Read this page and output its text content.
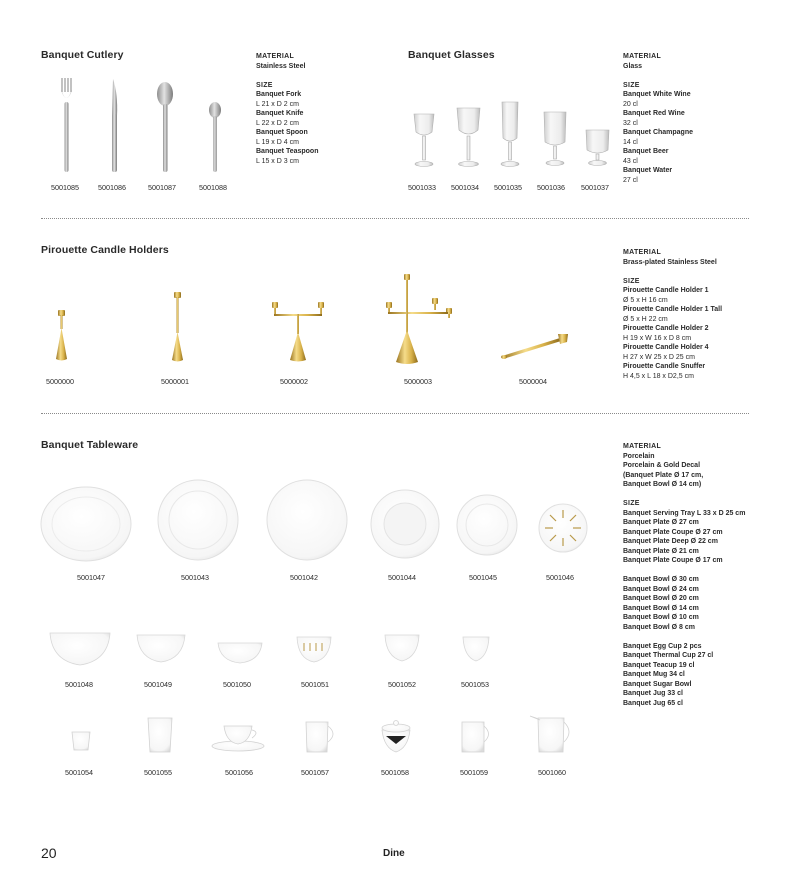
Banquet Cutlery	MATERIAL
Stainless Steel
SIZE
Banquet Fork
L 21 x D 2 cm
Banquet Knife
L 22 x D 2 cm
Banquet Spoon
L 19 x D 4 cm
Banquet Teaspoon
L 15 x D 3 cm
5001085	5001086	5001087	5001088
Banquet Glasses	MATERIAL
Glass
SIZE
Banquet White Wine
20 cl
Banquet Red Wine
32 cl
Banquet Champagne
14 cl
Banquet Beer
43 cl
Banquet Water
27 cl
5001033 5001034 5001035 5001036 5001037
Pirouette Candle Holders	MATERIAL
Brass-plated Stainless Steel
SIZE
Pirouette Candle Holder 1
Ø 5 x H 16 cm
Pirouette Candle Holder 1 Tall
Ø 5 x H 22 cm
Pirouette Candle Holder 2
H 19 x W 16 x D 8 cm
Pirouette Candle Holder 4
H 27 x W 25 x D 25 cm
Pirouette Candle Snuffer
H 4,5 x L 18 x D2,5 cm
5000000	5000001	5000002	5000003	5000004
Banquet Tableware	MATERIAL
Porcelain
Porcelain & Gold Decal
(Banquet Plate Ø 17 cm,
Banquet Bowl Ø 14 cm)
SIZE
Banquet Serving Tray L 33 x D 25 cm
Banquet Plate Ø 27 cm
Banquet Plate Coupe Ø 27 cm
Banquet Plate Deep Ø 22 cm
Banquet Plate Ø 21 cm
Banquet Plate Coupe Ø 17 cm
Banquet Bowl Ø 30 cm
Banquet Bowl Ø 24 cm
Banquet Bowl Ø 20 cm
Banquet Bowl Ø 14 cm
Banquet Bowl Ø 10 cm
Banquet Bowl Ø 8 cm
Banquet Egg Cup 2 pcs
Banquet Thermal Cup 27 cl
Banquet Teacup 19 cl
Banquet Mug 34 cl
Banquet Sugar Bowl
Banquet Jug 33 cl
Banquet Jug 65 cl
5001047	5001043	5001042	5001044	5001045	5001046
5001048	5001049	5001050	5001051	5001052	5001053
5001054	5001055	5001056	5001057	5001058	5001059	5001060
20	Dine
